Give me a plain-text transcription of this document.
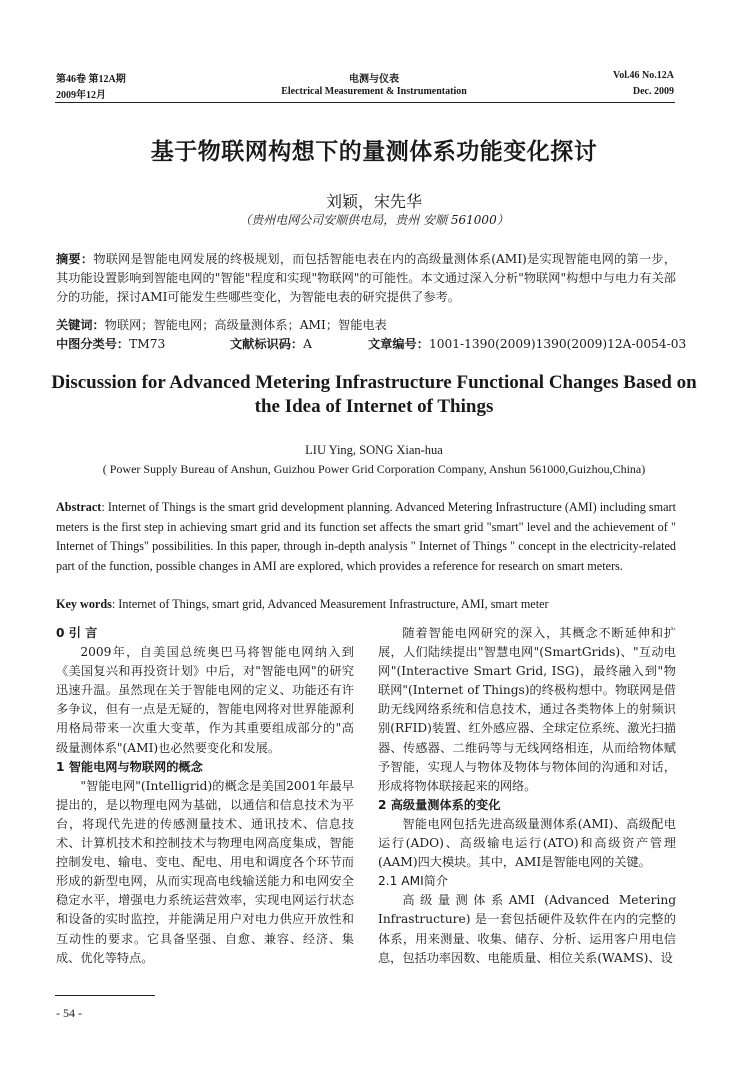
第46卷 第12A期
2009年12月
电测与仪表
Electrical Measurement & Instrumentation
Vol.46 No.12A
Dec. 2009
基于物联网构想下的量测体系功能变化探讨
刘颖，宋先华
（贵州电网公司安顺供电局，贵州 安顺 561000）
摘要：物联网是智能电网发展的终极规划，而包括智能电表在内的高级量测体系(AMI)是实现智能电网的第一步，其功能设置影响到智能电网的"智能"程度和实现"物联网"的可能性。本文通过深入分析"物联网"构想中与电力有关部分的功能，探讨AMI可能发生些哪些变化，为智能电表的研究提供了参考。
关键词：物联网；智能电网；高级量测体系；AMI；智能电表
中图分类号：TM73	文献标识码：A	文章编号：1001-1390(2009)1390(2009)12A-0054-03
Discussion for Advanced Metering Infrastructure Functional Changes Based on
the Idea of Internet of Things
LIU Ying, SONG Xian-hua
( Power Supply Bureau of Anshun, Guizhou Power Grid Corporation Company, Anshun 561000,Guizhou,China)
Abstract: Internet of Things is the smart grid development planning. Advanced Metering Infrastructure (AMI) including smart meters is the first step in achieving smart grid and its function set affects the smart grid "smart" level and the achievement of " Internet of Things" possibilities. In this paper, through in-depth analysis " Internet of Things " concept in the electricity-related part of the function, possible changes in AMI are explored, which provides a reference for research on smart meters.
Key words: Internet of Things, smart grid, Advanced Measurement Infrastructure, AMI, smart meter

0 引 言

2009年，自美国总统奥巴马将智能电网纳入到《美国复兴和再投资计划》中后，对"智能电网"的研究迅速升温。虽然现在关于智能电网的定义、功能还有许多争议，但有一点是无疑的，智能电网将对世界能源利用格局带来一次重大变革，作为其重要组成部分的"高级量测体系"(AMI)也必然要变化和发展。

1 智能电网与物联网的概念

"智能电网"(Intelligrid)的概念是美国2001年最早提出的，是以物理电网为基础，以通信和信息技术为平台，将现代先进的传感测量技术、通讯技术、信息技术、计算机技术和控制技术与物理电网高度集成，智能控制发电、输电、变电、配电、用电和调度各个环节而形成的新型电网，从而实现高电线输送能力和电网安全稳定水平，增强电力系统运营效率，实现电网运行状态和设备的实时监控，并能满足用户对电力供应开放性和互动性的要求。它具备坚强、自愈、兼容、经济、集成、优化等特点。

随着智能电网研究的深入，其概念不断延伸和扩展，人们陆续提出"智慧电网"(SmartGrids)、"互动电网"(Interactive Smart Grid, ISG)，最终融入到"物联网"(Internet of Things)的终极构想中。物联网是借助无线网络系统和信息技术，通过各类物体上的射频识别(RFID)装置、红外感应器、全球定位系统、激光扫描器、传感器、二维码等与无线网络相连，从而给物体赋予智能，实现人与物体及物体与物体间的沟通和对话，形成将物体联接起来的网络。

2 高级量测体系的变化

智能电网包括先进高级量测体系(AMI)、高级配电运行(ADO)、高级输电运行(ATO)和高级资产管理(AAM)四大模块。其中，AMI是智能电网的关键。

2.1 AMI简介

高级量测体系AMI (Advanced Metering Infrastructure) 是一套包括硬件及软件在内的完整的体系，用来测量、收集、储存、分析、运用客户用电信息，包括功率因数、电能质量、相位关系(WAMS)、设

- 54 -
